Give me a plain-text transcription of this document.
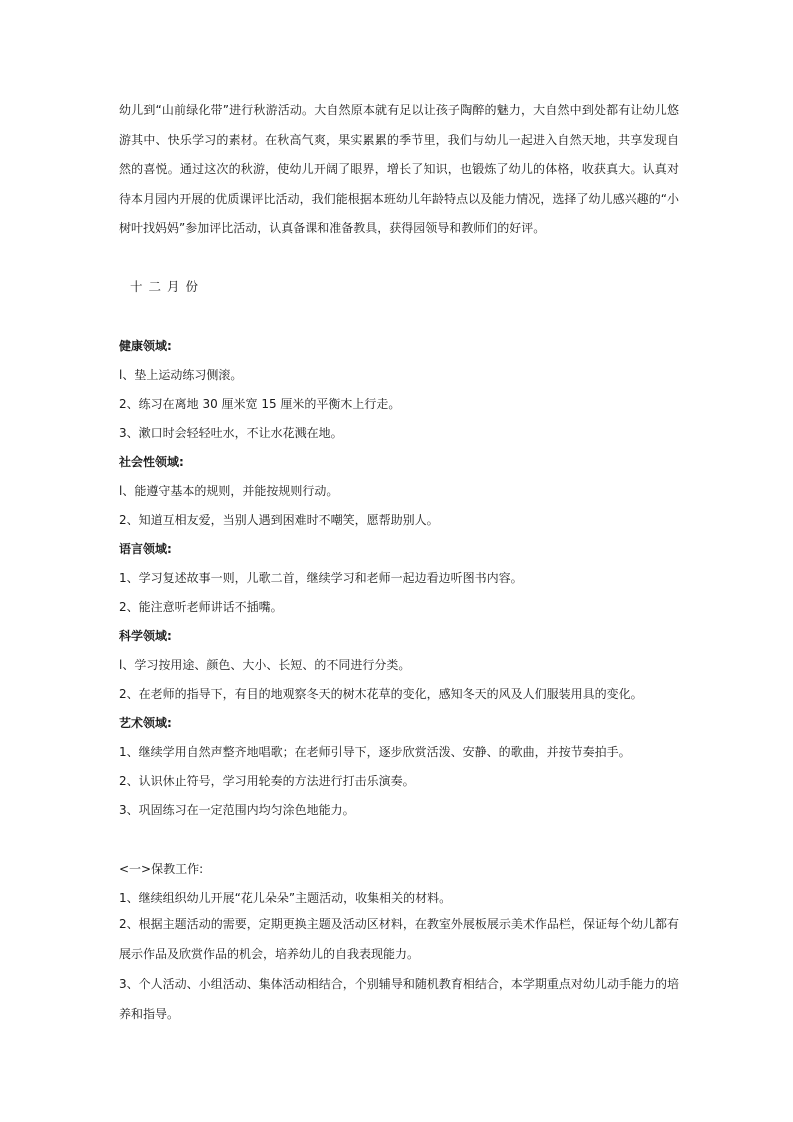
幼儿到“山前绿化带”进行秋游活动。大自然原本就有足以让孩子陶醉的魅力，大自然中到处都有让幼儿悠游其中、快乐学习的素材。在秋高气爽，果实累累的季节里，我们与幼儿一起进入自然天地，共享发现自然的喜悦。通过这次的秋游，使幼儿开阔了眼界，增长了知识，也锻炼了幼儿的体格，收获真大。认真对待本月园内开展的优质课评比活动，我们能根据本班幼儿年龄特点以及能力情况，选择了幼儿感兴趣的“小树叶找妈妈”参加评比活动，认真备课和准备教具，获得园领导和教师们的好评。

十二月份

健康领域:

l、垫上运动练习侧滚。

2、练习在离地 30 厘米宽 15 厘米的平衡木上行走。

3、漱口时会轻轻吐水，不让水花溅在地。

社会性领域:

l、能遵守基本的规则，并能按规则行动。

2、知道互相友爱，当别人遇到困难时不嘲笑，愿帮助别人。

语言领域:

1、学习复述故事一则，儿歌二首，继续学习和老师一起边看边听图书内容。

2、能注意听老师讲话不插嘴。

科学领域:

l、学习按用途、颜色、大小、长短、的不同进行分类。

2、在老师的指导下，有目的地观察冬天的树木花草的变化，感知冬天的风及人们服装用具的变化。

艺术领域:

1、继续学用自然声整齐地唱歌；在老师引导下，逐步欣赏活泼、安静、的歌曲，并按节奏拍手。

2、认识休止符号，学习用轮奏的方法进行打击乐演奏。

3、巩固练习在一定范围内均匀涂色地能力。

<一>保教工作:

1、继续组织幼儿开展“花儿朵朵”主题活动，收集相关的材料。

2、根据主题活动的需要，定期更换主题及活动区材料，在教室外展板展示美术作品栏，保证每个幼儿都有展示作品及欣赏作品的机会，培养幼儿的自我表现能力。

3、个人活动、小组活动、集体活动相结合，个别辅导和随机教育相结合，本学期重点对幼儿动手能力的培养和指导。
